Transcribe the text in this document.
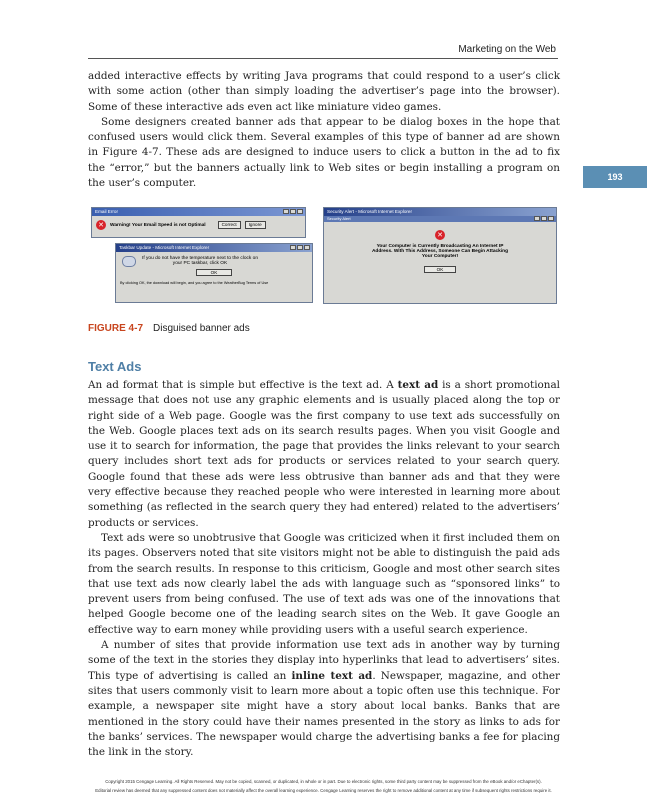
Marketing on the Web
193

added interactive effects by writing Java programs that could respond to a user’s click with some action (other than simply loading the advertiser’s page into the browser). Some of these interactive ads even act like miniature video games.

Some designers created banner ads that appear to be dialog boxes in the hope that confused users would click them. Several examples of this type of banner ad are shown in Figure 4-7. These ads are designed to induce users to click a button in the ad to fix the “error,” but the banners actually link to Web sites or begin installing a program on the user’s computer.

Email Error
✕	Warning! Your Email Speed is not Optimal	Correct	Ignore
Taskbar Update - Microsoft Internet Explorer
If you do not have the temperature next to the clock on your PC taskbar, click OK
OK
By clicking OK, the download will begin, and you agree to the WeatherBug Terms of Use
Security Alert - Microsoft Internet Explorer
Security Alert
✕
Your Computer is Currently Broadcasting An Internet IP Address. With This Address, Someone Can Begin Attacking Your Computer!
OK
FIGURE 4-7 Disguised banner ads
Text Ads

An ad format that is simple but effective is the text ad. A text ad is a short promotional message that does not use any graphic elements and is usually placed along the top or right side of a Web page. Google was the first company to use text ads successfully on the Web. Google places text ads on its search results pages. When you visit Google and use it to search for information, the page that provides the links relevant to your search query includes short text ads for products or services related to your search query. Google found that these ads were less obtrusive than banner ads and that they were very effective because they reached people who were interested in learning more about something (as reflected in the search query they had entered) related to the advertisers’ products or services.

Text ads were so unobtrusive that Google was criticized when it first included them on its pages. Observers noted that site visitors might not be able to distinguish the paid ads from the search results. In response to this criticism, Google and most other search sites that use text ads now clearly label the ads with language such as “sponsored links” to prevent users from being confused. The use of text ads was one of the innovations that helped Google become one of the leading search sites on the Web. It gave Google an effective way to earn money while providing users with a useful search experience.

A number of sites that provide information use text ads in another way by turning some of the text in the stories they display into hyperlinks that lead to advertisers’ sites. This type of advertising is called an inline text ad. Newspaper, magazine, and other sites that users commonly visit to learn more about a topic often use this technique. For example, a newspaper site might have a story about local banks. Banks that are mentioned in the story could have their names presented in the story as links to ads for the banks’ services. The newspaper would charge the advertising banks a fee for placing the link in the story.

Copyright 2015 Cengage Learning. All Rights Reserved. May not be copied, scanned, or duplicated, in whole or in part. Due to electronic rights, some third party content may be suppressed from the eBook and/or eChapter(s).
Editorial review has deemed that any suppressed content does not materially affect the overall learning experience. Cengage Learning reserves the right to remove additional content at any time if subsequent rights restrictions require it.
